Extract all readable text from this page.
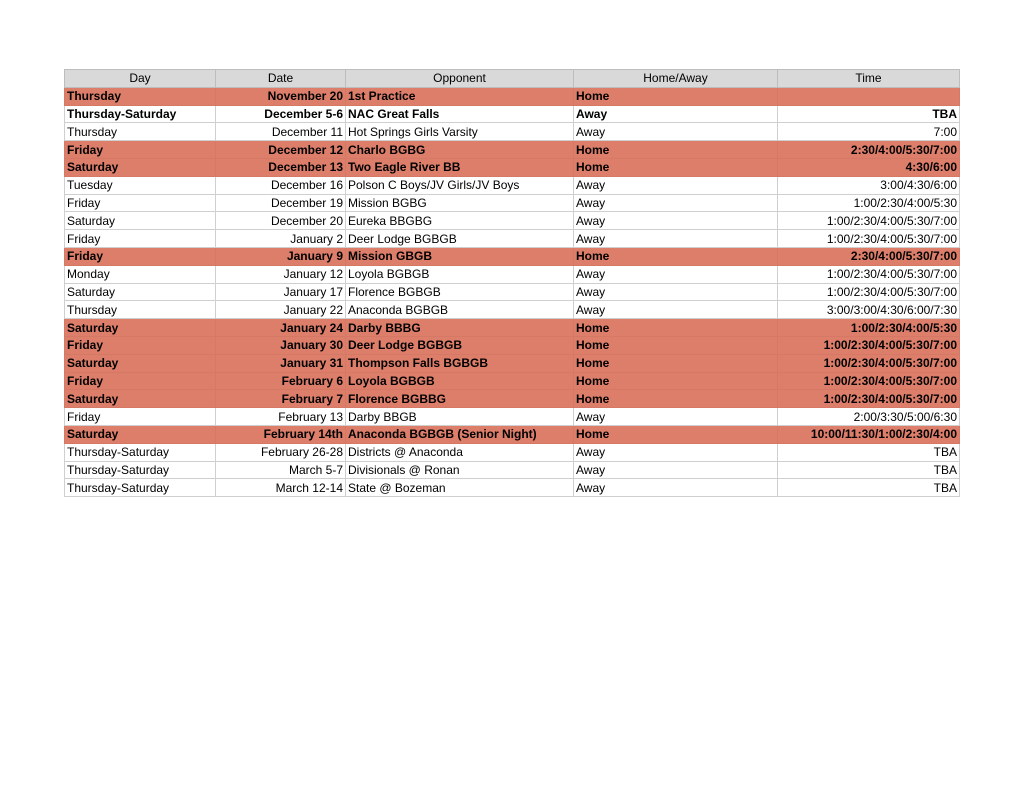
Day	Date	Opponent	Home/Away	Time
Thursday	November 20	1st Practice	Home	
Thursday-Saturday	December 5-6	NAC Great Falls	Away	TBA
Thursday	December 11	Hot Springs Girls Varsity	Away	7:00
Friday	December 12	Charlo BGBG	Home	2:30/4:00/5:30/7:00
Saturday	December 13	Two Eagle River BB	Home	4:30/6:00
Tuesday	December 16	Polson C Boys/JV Girls/JV Boys	Away	3:00/4:30/6:00
Friday	December 19	Mission BGBG	Away	1:00/2:30/4:00/5:30
Saturday	December 20	Eureka BBGBG	Away	1:00/2:30/4:00/5:30/7:00
Friday	January 2	Deer Lodge BGBGB	Away	1:00/2:30/4:00/5:30/7:00
Friday	January 9	Mission GBGB	Home	2:30/4:00/5:30/7:00
Monday	January 12	Loyola BGBGB	Away	1:00/2:30/4:00/5:30/7:00
Saturday	January 17	Florence BGBGB	Away	1:00/2:30/4:00/5:30/7:00
Thursday	January 22	Anaconda BGBGB	Away	3:00/3:00/4:30/6:00/7:30
Saturday	January 24	Darby BBBG	Home	1:00/2:30/4:00/5:30
Friday	January 30	Deer Lodge BGBGB	Home	1:00/2:30/4:00/5:30/7:00
Saturday	January 31	Thompson Falls BGBGB	Home	1:00/2:30/4:00/5:30/7:00
Friday	February 6	Loyola BGBGB	Home	1:00/2:30/4:00/5:30/7:00
Saturday	February 7	Florence BGBBG	Home	1:00/2:30/4:00/5:30/7:00
Friday	February 13	Darby BBGB	Away	2:00/3:30/5:00/6:30
Saturday	February 14th	Anaconda BGBGB (Senior Night)	Home	10:00/11:30/1:00/2:30/4:00
Thursday-Saturday	February 26-28	Districts @ Anaconda	Away	TBA
Thursday-Saturday	March 5-7	Divisionals @ Ronan	Away	TBA
Thursday-Saturday	March 12-14	State @ Bozeman	Away	TBA
